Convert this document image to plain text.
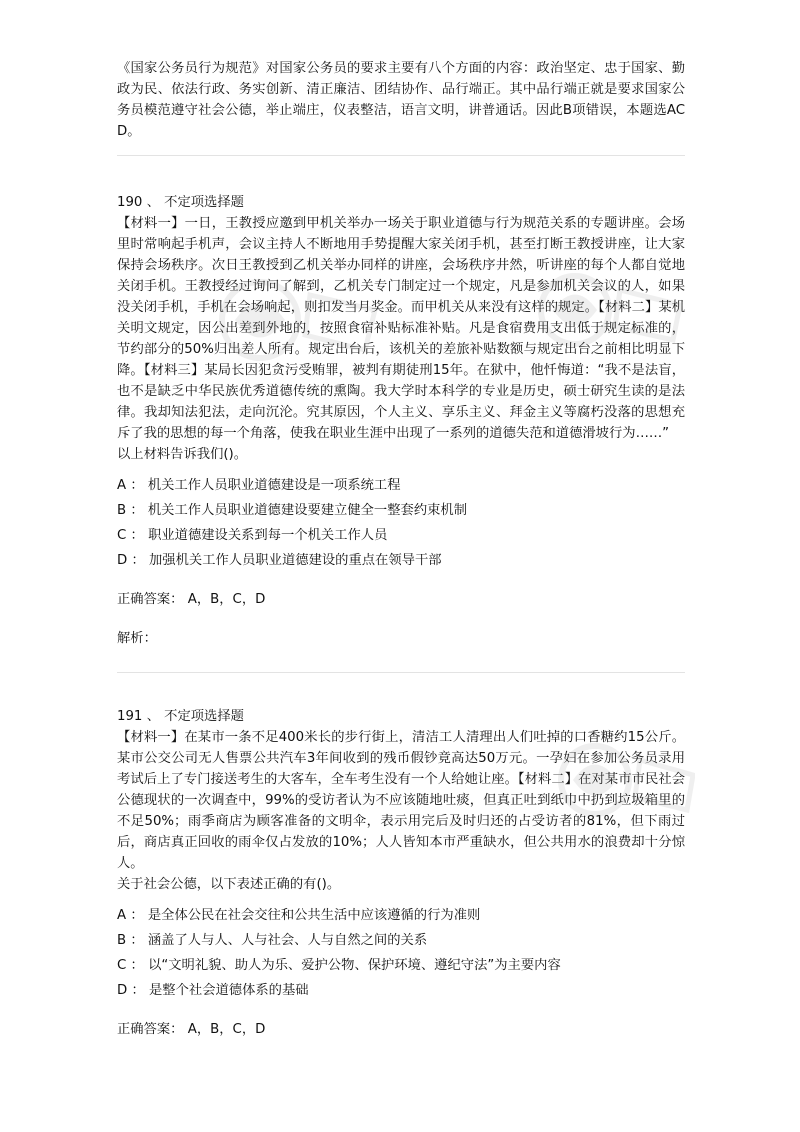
《国家公务员行为规范》对国家公务员的要求主要有八个方面的内容：政治坚定、忠于国家、勤政为民、依法行政、务实创新、清正廉洁、团结协作、品行端正。其中品行端正就是要求国家公务员模范遵守社会公德，举止端庄，仪表整洁，语言文明，讲普通话。因此B项错误，本题选ACD。

190 、 不定项选择题

【材料一】一日，王教授应邀到甲机关举办一场关于职业道德与行为规范关系的专题讲座。会场里时常响起手机声，会议主持人不断地用手势提醒大家关闭手机，甚至打断王教授讲座，让大家保持会场秩序。次日王教授到乙机关举办同样的讲座，会场秩序井然，听讲座的每个人都自觉地关闭手机。王教授经过询问了解到，乙机关专门制定过一个规定，凡是参加机关会议的人，如果没关闭手机，手机在会场响起，则扣发当月奖金。而甲机关从来没有这样的规定。【材料二】某机关明文规定，因公出差到外地的，按照食宿补贴标准补贴。凡是食宿费用支出低于规定标准的，节约部分的50%归出差人所有。规定出台后，该机关的差旅补贴数额与规定出台之前相比明显下降。【材料三】某局长因犯贪污受贿罪，被判有期徒刑15年。在狱中，他忏悔道：“我不是法盲，也不是缺乏中华民族优秀道德传统的熏陶。我大学时本科学的专业是历史，硕士研究生读的是法律。我却知法犯法，走向沉沦。究其原因，个人主义、享乐主义、拜金主义等腐朽没落的思想充斥了我的思想的每一个角落，使我在职业生涯中出现了一系列的道德失范和道德滑坡行为……”

以上材料告诉我们()。

A ： 机关工作人员职业道德建设是一项系统工程

B ： 机关工作人员职业道德建设要建立健全一整套约束机制

C ： 职业道德建设关系到每一个机关工作人员

D ： 加强机关工作人员职业道德建设的重点在领导干部

正确答案： A，B，C，D

解析：

191 、 不定项选择题

【材料一】在某市一条不足400米长的步行街上，清洁工人清理出人们吐掉的口香糖约15公斤。某市公交公司无人售票公共汽车3年间收到的残币假钞竟高达50万元。一孕妇在参加公务员录用考试后上了专门接送考生的大客车，全车考生没有一个人给她让座。【材料二】在对某市市民社会公德现状的一次调查中，99%的受访者认为不应该随地吐痰，但真正吐到纸巾中扔到垃圾箱里的不足50%；雨季商店为顾客准备的文明伞，表示用完后及时归还的占受访者的81%，但下雨过后，商店真正回收的雨伞仅占发放的10%；人人皆知本市严重缺水，但公共用水的浪费却十分惊人。

关于社会公德，以下表述正确的有()。

A ： 是全体公民在社会交往和公共生活中应该遵循的行为准则

B ： 涵盖了人与人、人与社会、人与自然之间的关系

C ： 以“文明礼貌、助人为乐、爱护公物、保护环境、遵纪守法”为主要内容

D ： 是整个社会道德体系的基础

正确答案： A，B，C，D
